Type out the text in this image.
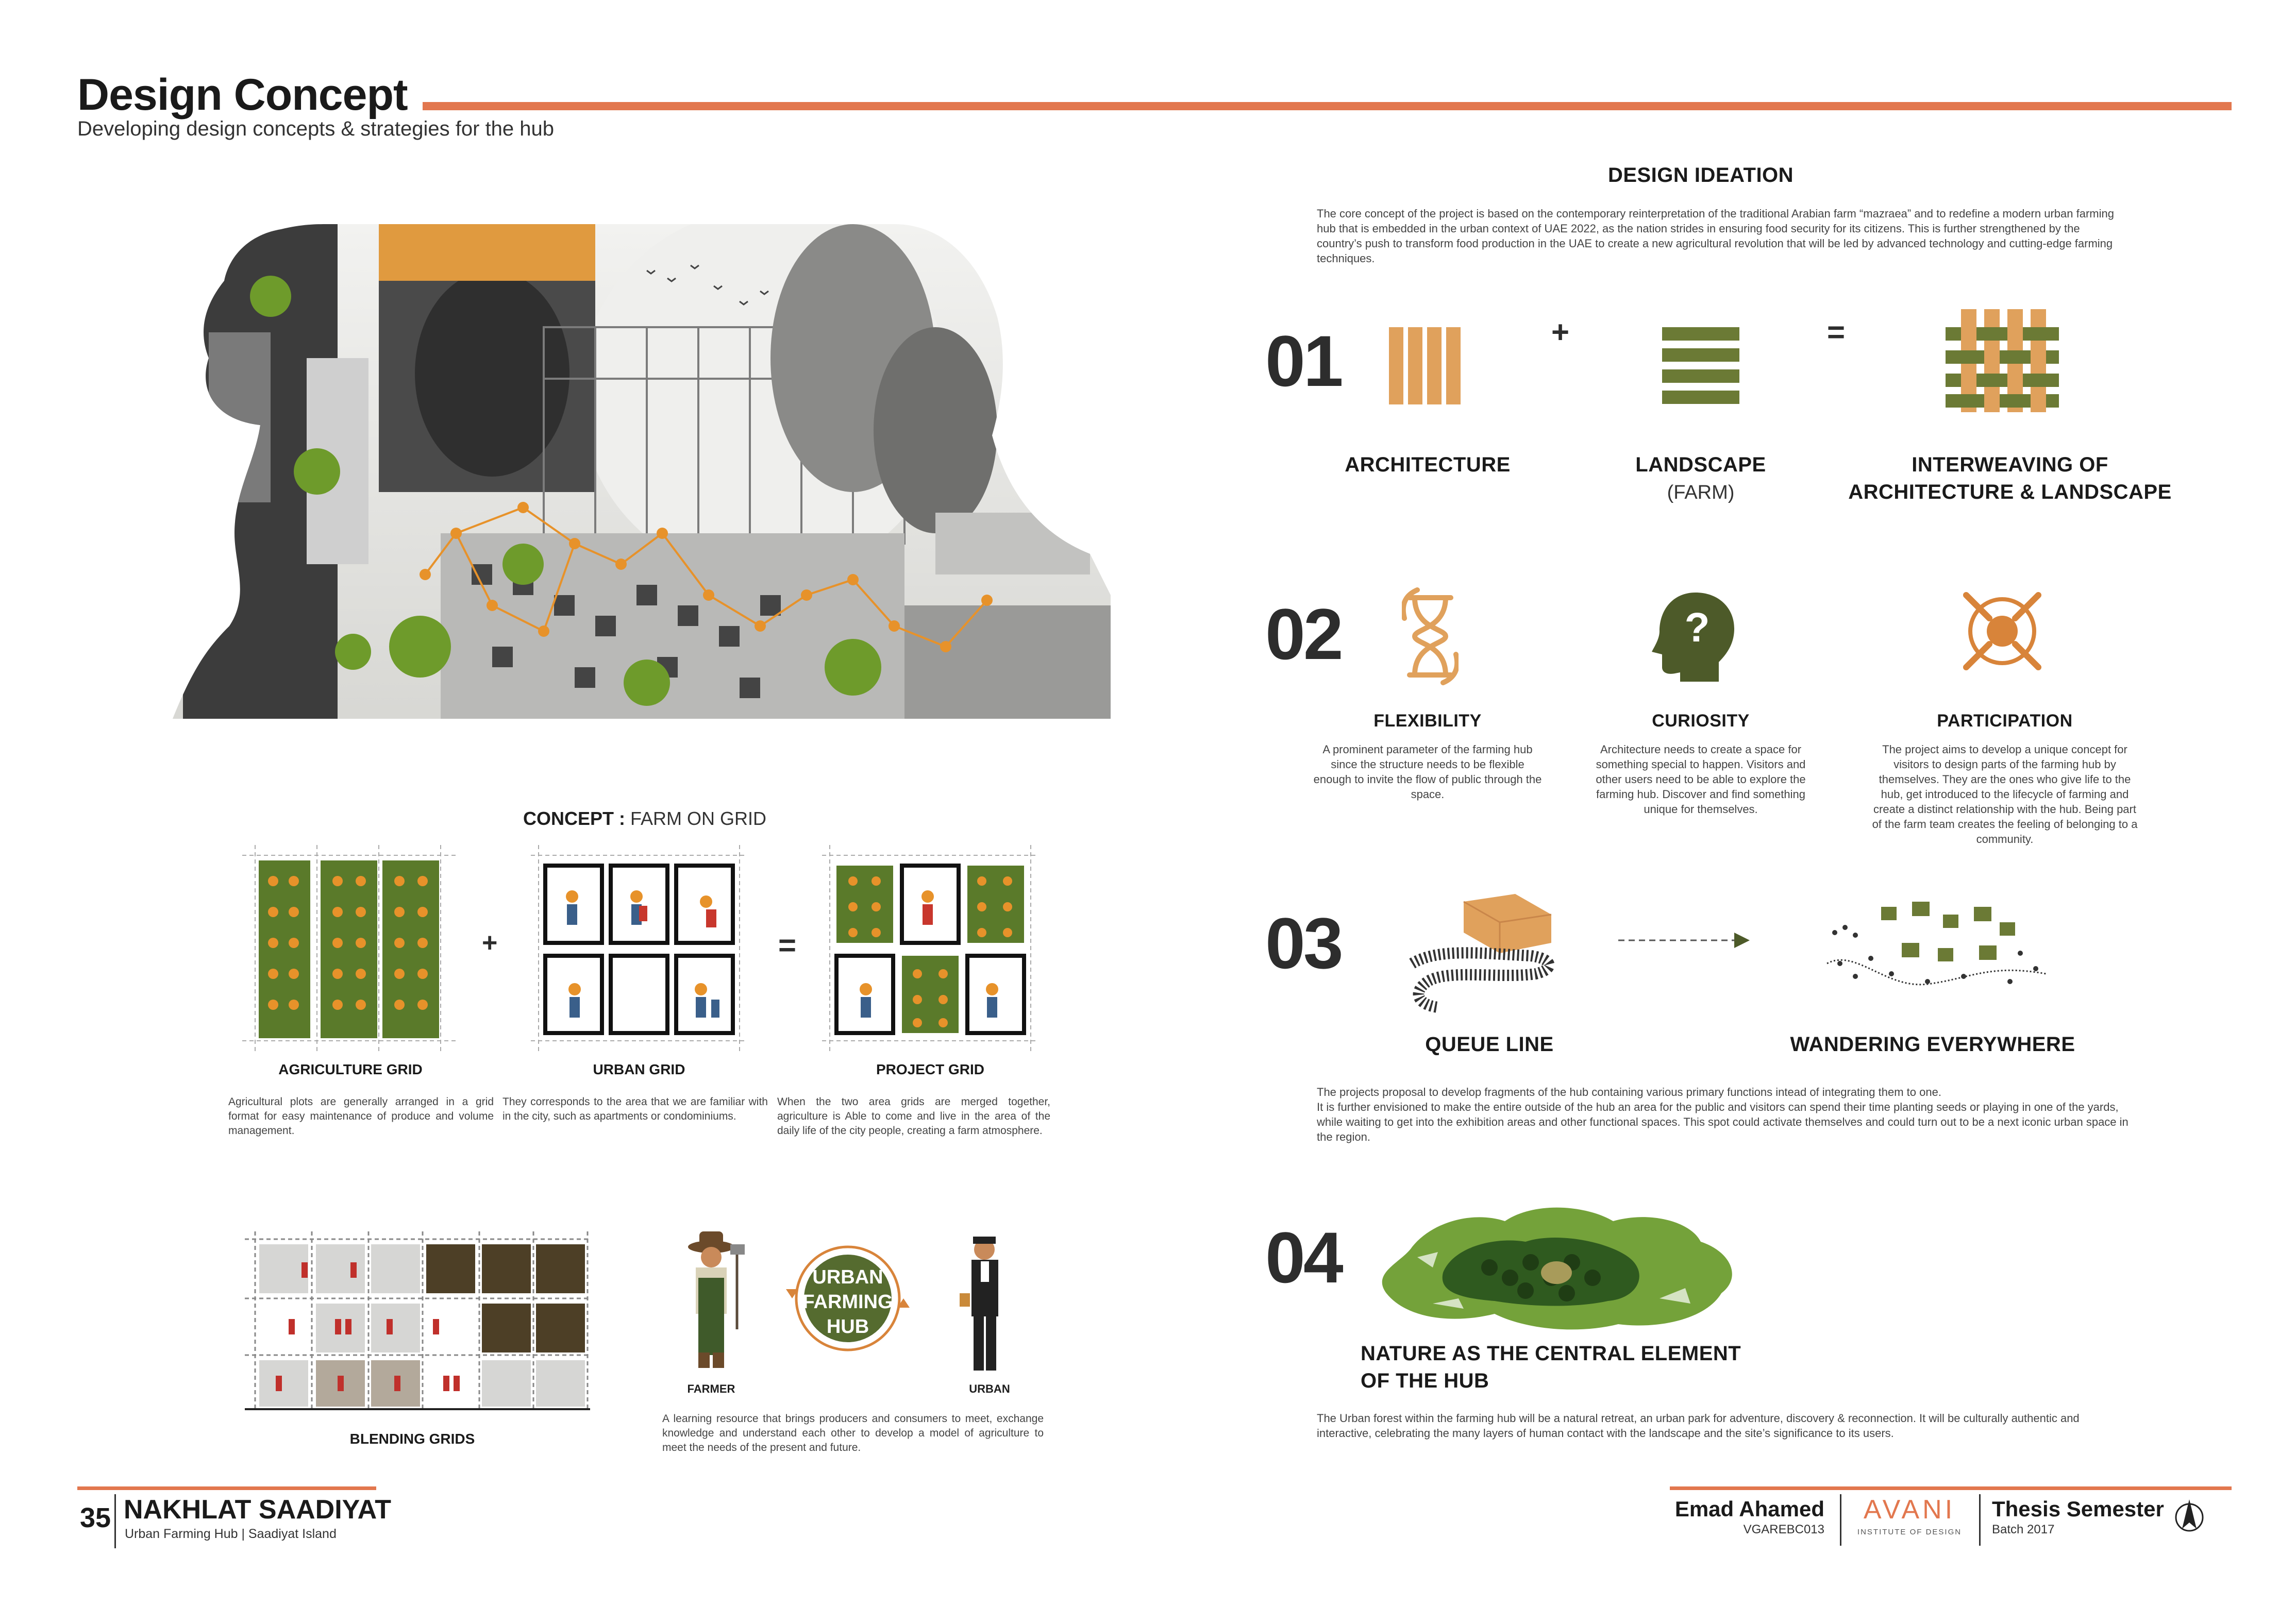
Design Concept
Developing design concepts & strategies for the hub
DESIGN IDEATION
The core concept of the project is based on the contemporary reinterpretation of the traditional Arabian farm “mazraea” and to redefine a modern urban farming hub that is embedded in the urban context of UAE 2022, as the nation strides in ensuring food security for its citizens. This is further strengthened by the country’s push to transform food production in the UAE to create a new agricultural revolution that will be led by advanced technology and cutting-edge farming techniques.
01	+	=
ARCHITECTURE	LANDSCAPE
(FARM)
INTERWEAVING OF
ARCHITECTURE & LANDSCAPE
02	?
FLEXIBILITY
A prominent parameter of the farming hub since the structure needs to be flexible enough to invite the flow of public through the space.
CURIOSITY
Architecture needs to create a space for something special to happen. Visitors and other users need to be able to explore the farming hub. Discover and find something unique for themselves.
PARTICIPATION
The project aims to develop a unique concept for visitors to design parts of the farming hub by themselves. They are the ones who give life to the hub, get introduced to the lifecycle of farming and create a distinct relationship with the hub. Being part of the farm team creates the feeling of belonging to a community.
03
QUEUE LINE	WANDERING EVERYWHERE
The projects proposal to develop fragments of the hub containing various primary functions intead of integrating them to one.
It is further envisioned to make the entire outside of the hub an area for the public and visitors can spend their time planting seeds or playing in one of the yards, while waiting to get into the exhibition areas and other functional spaces. This spot could activate themselves and could turn out to be a next iconic urban space in the region.
04
NATURE AS THE CENTRAL ELEMENT
OF THE HUB
The Urban forest within the farming hub will be a natural retreat, an urban park for adventure, discovery & reconnection. It will be culturally authentic and interactive, celebrating the many layers of human contact with the landscape and the site’s significance to its users.
CONCEPT : FARM ON GRID
+	=
AGRICULTURE GRID	URBAN GRID	PROJECT GRID
Agricultural plots are generally arranged in a grid format for easy maintenance of produce and volume management.
They corresponds to the area that we are familiar with in the city, such as apartments or condominiums.
When the two area grids are merged together, agriculture is Able to come and live in the area of the daily life of the city people, creating a farm atmosphere.
BLENDING GRIDS
URBAN
FARMING
HUB
FARMER	URBAN
A learning resource that brings producers and consumers to meet, exchange knowledge and understand each other to develop a model of agriculture to meet the needs of the present and future.
35 NAKHLAT SAADIYAT
Urban Farming Hub | Saadiyat Island
Emad Ahamed
VGAREBC013
AVANI
INSTITUTE OF DESIGN
Thesis Semester
Batch 2017
